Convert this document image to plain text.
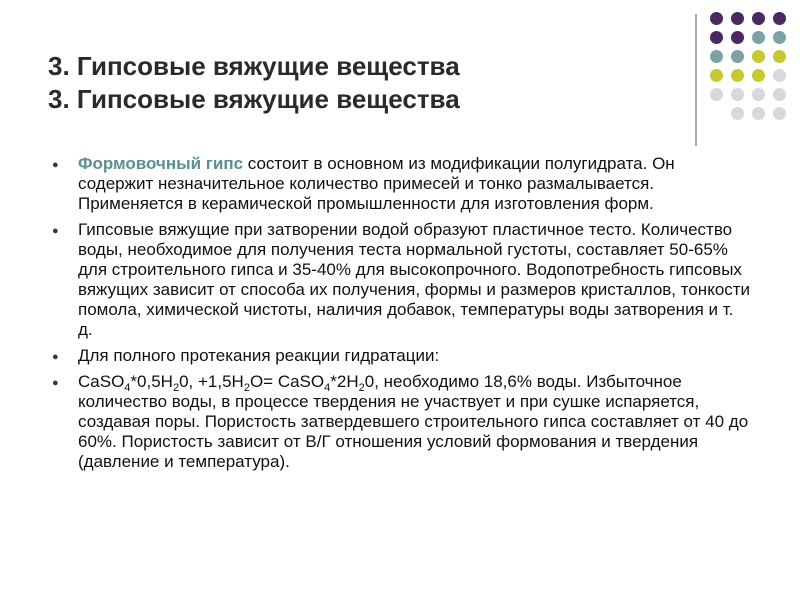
3. Гипсовые вяжущие вещества
3. Гипсовые вяжущие вещества
● Формовочный гипс состоит в основном из модификации полугидрата. Он содержит незначительное количество примесей и тонко размалывается. Применяется в керамической промышленности для изготовления форм.
● Гипсовые вяжущие при затворении водой образуют пластичное тесто. Количество воды, необходимое для получения теста нормальной густоты, составляет 50-65% для строительного гипса и 35-40% для высокопрочного. Водопотребность гипсовых вяжущих зависит от способа их получения, формы и размеров кристаллов, тонкости помола, химической чистоты, наличия добавок, температуры воды затворения и т. д.
● Для полного протекания реакции гидратации:
● $CaSO_4*0,5H_20$, $+1,5H_2O=$ $CaSO_4*2H_20$, необходимо 18,6% воды. Избыточное количество воды, в процессе твердения не участвует и при сушке испаряется, создавая поры. Пористость затвердевшего строительного гипса составляет от 40 до 60%. Пористость зависит от В/Г отношения условий формования и твердения (давление и температура).
